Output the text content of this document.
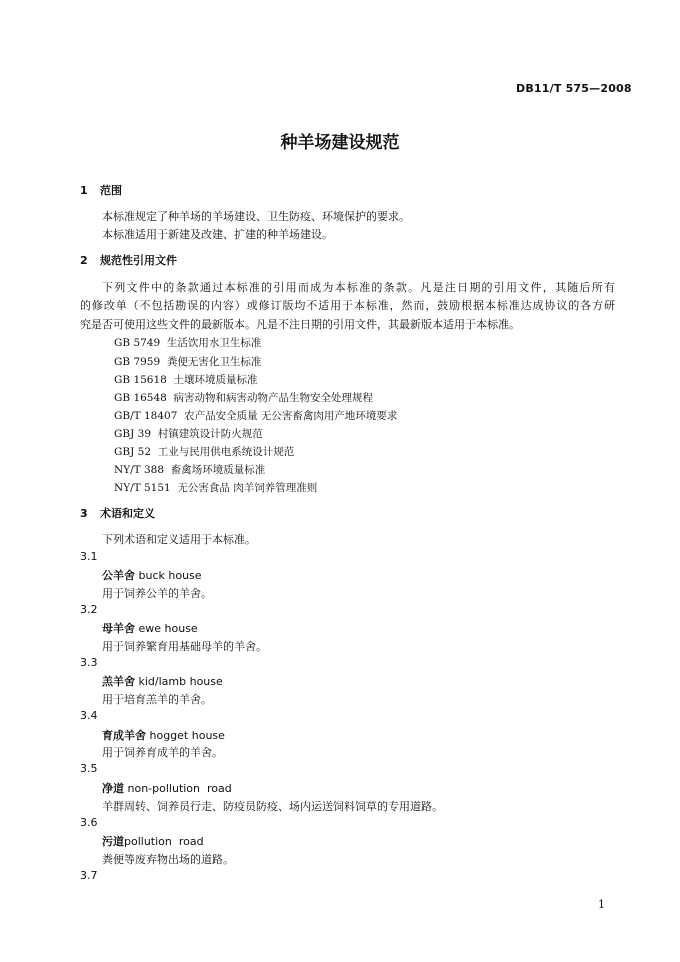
DB11/T 575—2008
种羊场建设规范
1 范围
本标准规定了种羊场的羊场建设、卫生防疫、环境保护的要求。
本标准适用于新建及改建、扩建的种羊场建设。
2 规范性引用文件
下列文件中的条款通过本标准的引用而成为本标准的条款。凡是注日期的引用文件，其随后所有
的修改单（不包括勘误的内容）或修订版均不适用于本标准，然而，鼓励根据本标准达成协议的各方研
究是否可使用这些文件的最新版本。凡是不注日期的引用文件，其最新版本适用于本标准。
GB 5749 生活饮用水卫生标准
GB 7959 粪便无害化卫生标准
GB 15618 土壤环境质量标准
GB 16548 病害动物和病害动物产品生物安全处理规程
GB/T 18407 农产品安全质量 无公害畜禽肉用产地环境要求
GBJ 39 村镇建筑设计防火规范
GBJ 52 工业与民用供电系统设计规范
NY/T 388 畜禽场环境质量标准
NY/T 5151 无公害食品 肉羊饲养管理准则
3 术语和定义
下列术语和定义适用于本标准。
3.1
公羊舍 buck house
用于饲养公羊的羊舍。
3.2
母羊舍 ewe house
用于饲养繁育用基础母羊的羊舍。
3.3
羔羊舍 kid/lamb house
用于培育羔羊的羊舍。
3.4
育成羊舍 hogget house
用于饲养育成羊的羊舍。
3.5
净道 non-pollution  road
羊群周转、饲养员行走、防疫员防疫、场内运送饲料饲草的专用道路。
3.6
污道pollution  road
粪便等废弃物出场的道路。
3.7
1
